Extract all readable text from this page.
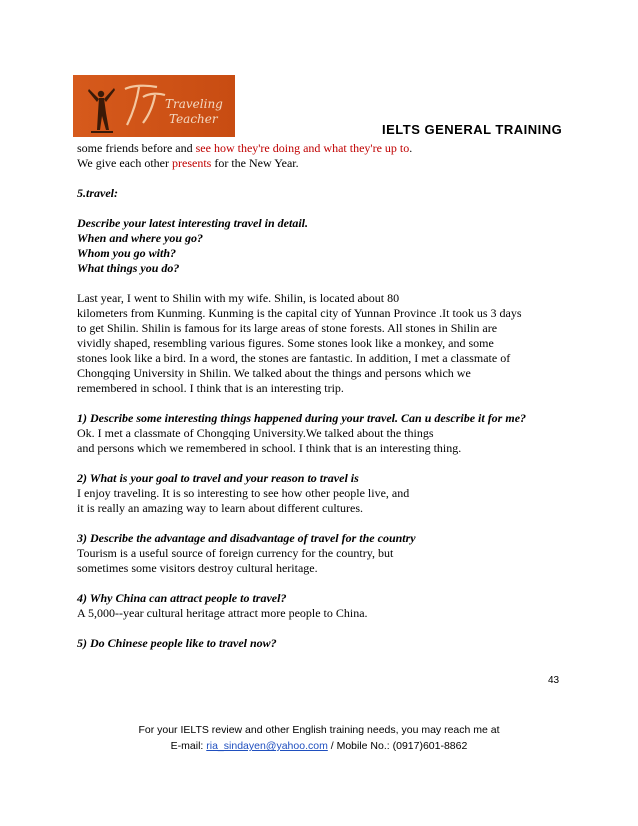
Traveling
Teacher
IELTS GENERAL TRAINING

some friends before and see how they're doing and what they're up to.

We give each other presents for the New Year.

5.travel:

Describe your latest interesting travel in detail.

When and where you go?

Whom you go with?

What things you do?

Last year, I went to Shilin with my wife. Shilin, is located about 80

kilometers from Kunming. Kunming is the capital city of Yunnan Province .It took us 3 days

to get Shilin. Shilin is famous for its large areas of stone forests. All stones in Shilin are

vividly shaped, resembling various figures. Some stones look like a monkey, and some

stones look like a bird. In a word, the stones are fantastic. In addition, I met a classmate of

Chongqing University in Shilin. We talked about the things and persons which we

remembered in school. I think that is an interesting trip.

1) Describe some interesting things happened during your travel. Can u describe it for me?

Ok. I met a classmate of Chongqing University.We talked about the things

and persons which we remembered in school. I think that is an interesting thing.

2) What is your goal to travel and your reason to travel is

I enjoy traveling. It is so interesting to see how other people live, and

it is really an amazing way to learn about different cultures.

3) Describe the advantage and disadvantage of travel for the country

Tourism is a useful source of foreign currency for the country, but

sometimes some visitors destroy cultural heritage.

4) Why China can attract people to travel?

A 5,000--year cultural heritage attract more people to China.

5) Do Chinese people like to travel now?

43
For your IELTS review and other English training needs, you may reach me at
E-mail: ria_sindayen@yahoo.com / Mobile No.: (0917)601-8862
